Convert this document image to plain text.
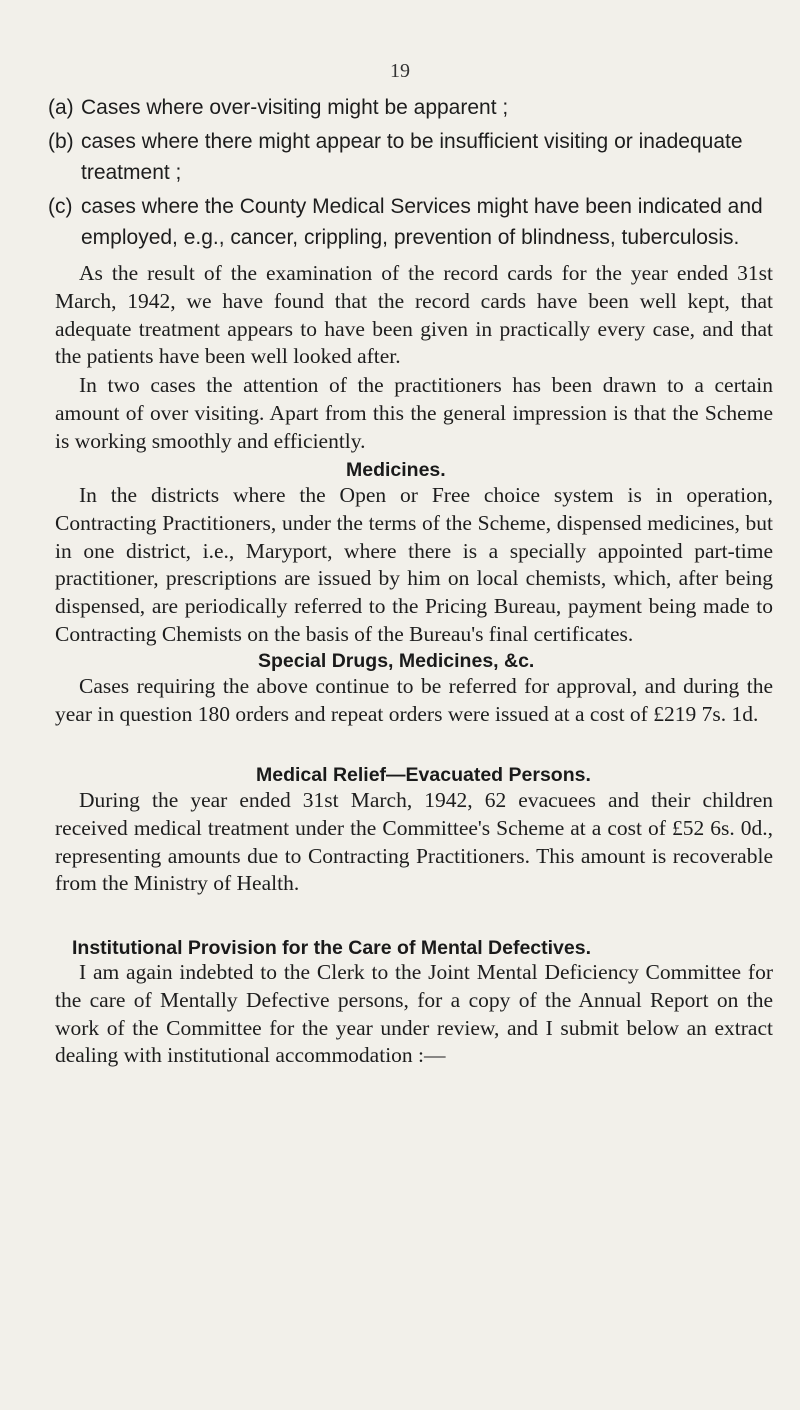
19
(a) Cases where over-visiting might be apparent ;
(b) cases where there might appear to be insufficient visiting or inadequate treatment ;
(c) cases where the County Medical Services might have been indicated and employed, e.g., cancer, crippling, prevention of blindness, tuberculosis.

As the result of the examination of the record cards for the year ended 31st March, 1942, we have found that the record cards have been well kept, that adequate treatment appears to have been given in practically every case, and that the patients have been well looked after.

In two cases the attention of the practitioners has been drawn to a certain amount of over visiting. Apart from this the general impression is that the Scheme is working smoothly and efficiently.

Medicines.

In the districts where the Open or Free choice system is in operation, Contracting Practitioners, under the terms of the Scheme, dispensed medicines, but in one district, i.e., Maryport, where there is a specially appointed part-time practitioner, prescriptions are issued by him on local chemists, which, after being dispensed, are periodically referred to the Pricing Bureau, payment being made to Contracting Chemists on the basis of the Bureau's final certificates.

Special Drugs, Medicines, &c.

Cases requiring the above continue to be referred for approval, and during the year in question 180 orders and repeat orders were issued at a cost of £219 7s. 1d.

Medical Relief—Evacuated Persons.

During the year ended 31st March, 1942, 62 evacuees and their children received medical treatment under the Committee's Scheme at a cost of £52 6s. 0d., representing amounts due to Contracting Practitioners. This amount is recoverable from the Ministry of Health.

Institutional Provision for the Care of Mental Defectives.

I am again indebted to the Clerk to the Joint Mental Deficiency Committee for the care of Mentally Defective persons, for a copy of the Annual Report on the work of the Committee for the year under review, and I submit below an extract dealing with institutional accommodation :—
